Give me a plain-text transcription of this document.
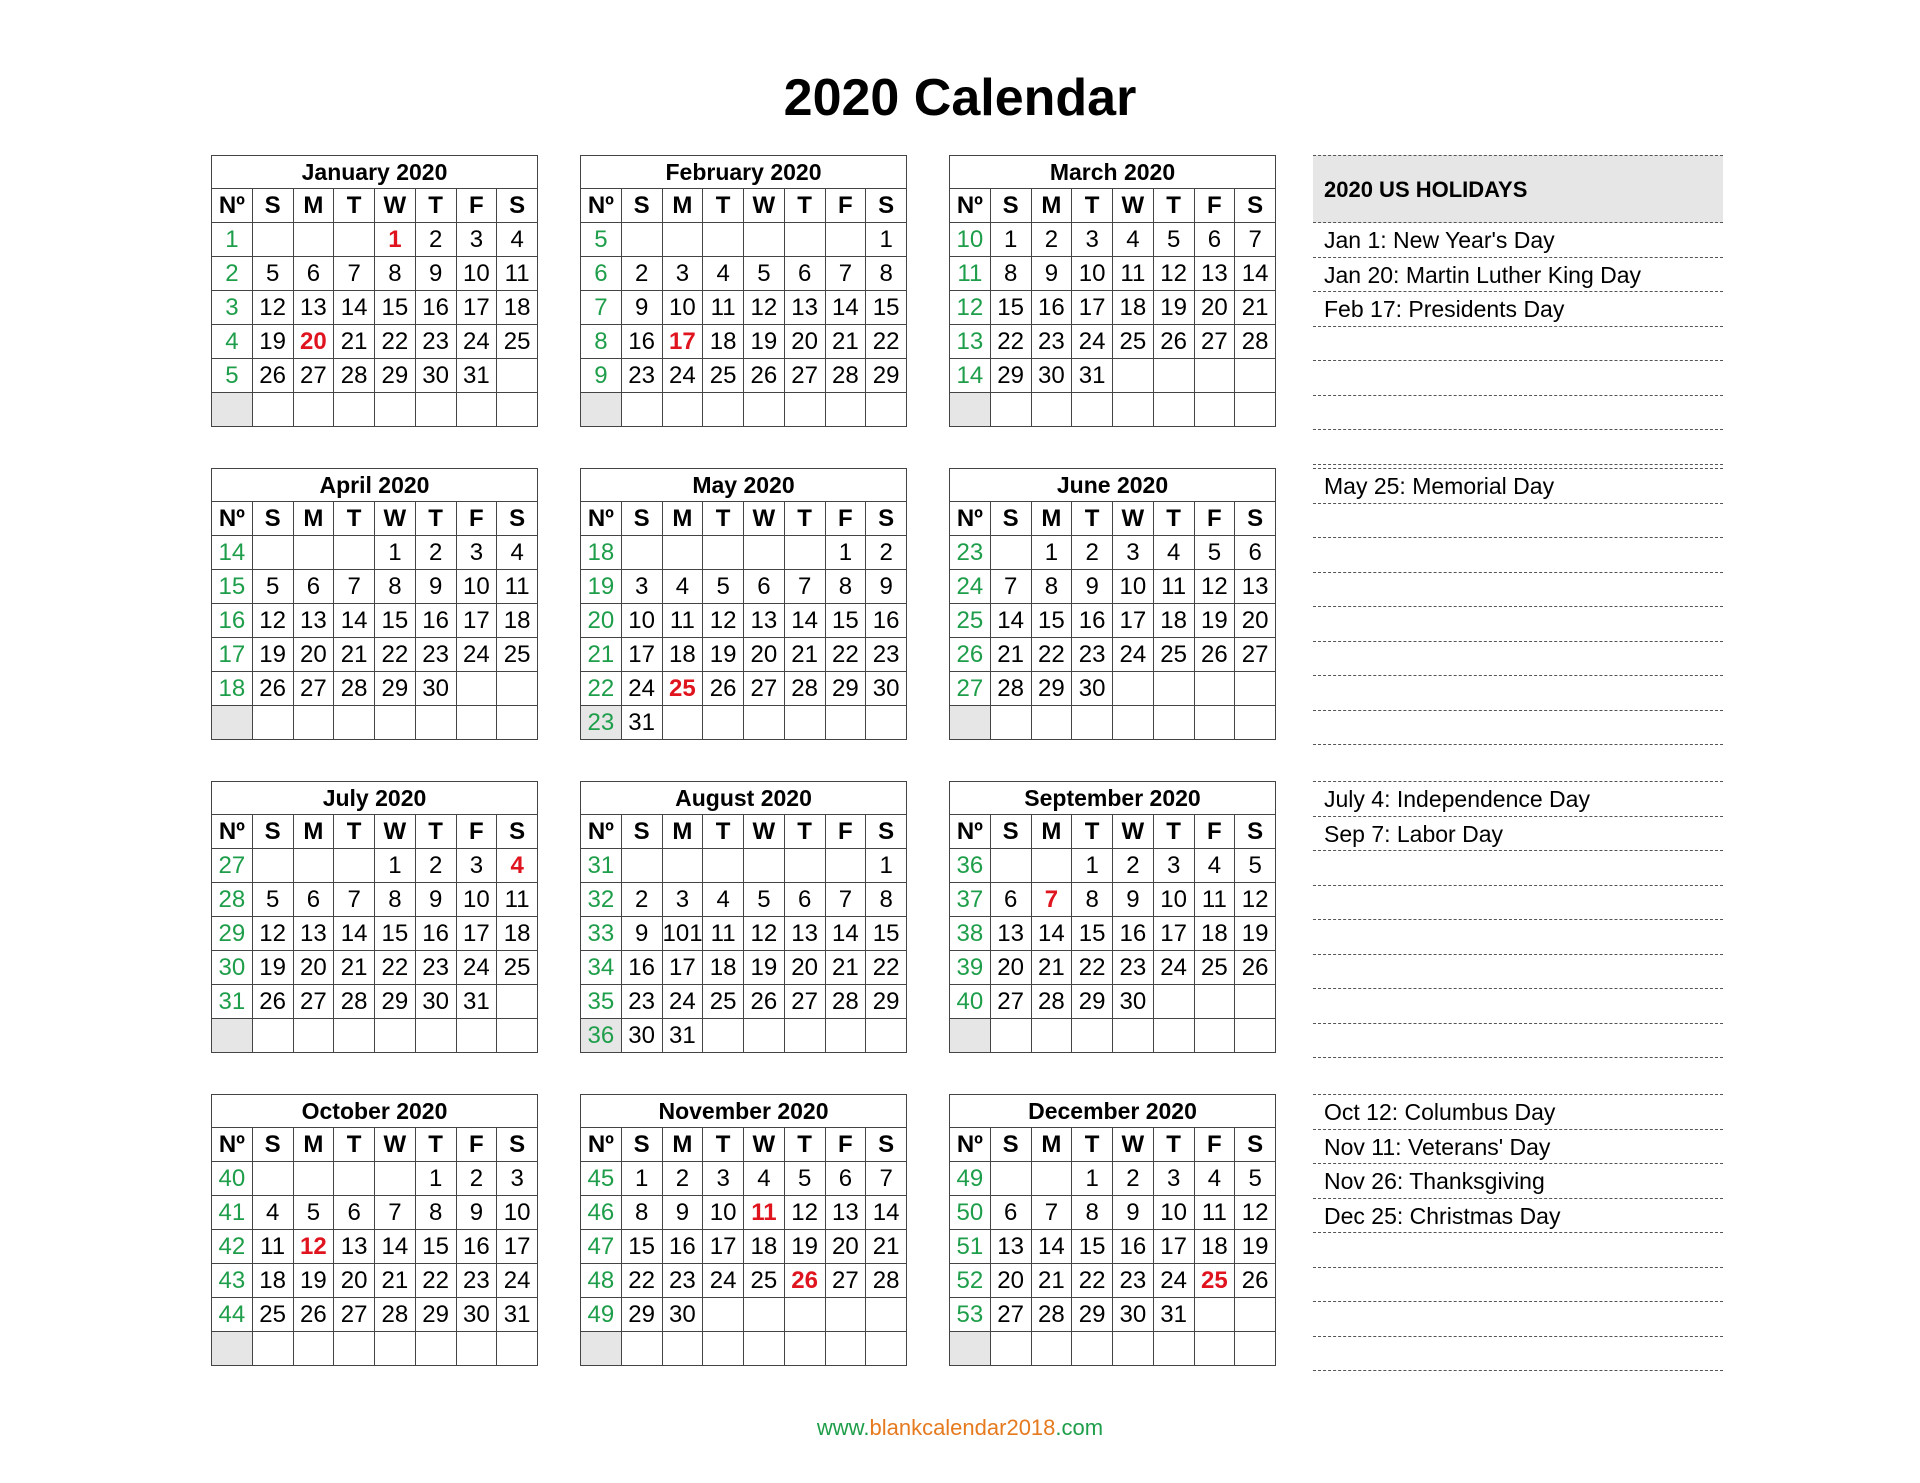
2020 Calendar
January 2020							
Nº	S	M	T	W	T	F	S
1				1	2	3	4
2	5	6	7	8	9	10	11
3	12	13	14	15	16	17	18
4	19	20	21	22	23	24	25
5	26	27	28	29	30	31	

February 2020							
Nº	S	M	T	W	T	F	S
5							1
6	2	3	4	5	6	7	8
7	9	10	11	12	13	14	15
8	16	17	18	19	20	21	22
9	23	24	25	26	27	28	29

March 2020							
Nº	S	M	T	W	T	F	S
10	1	2	3	4	5	6	7
11	8	9	10	11	12	13	14
12	15	16	17	18	19	20	21
13	22	23	24	25	26	27	28
14	29	30	31				

April 2020							
Nº	S	M	T	W	T	F	S
14				1	2	3	4
15	5	6	7	8	9	10	11
16	12	13	14	15	16	17	18
17	19	20	21	22	23	24	25
18	26	27	28	29	30		

May 2020							
Nº	S	M	T	W	T	F	S
18						1	2
19	3	4	5	6	7	8	9
20	10	11	12	13	14	15	16
21	17	18	19	20	21	22	23
22	24	25	26	27	28	29	30
23	31						
June 2020							
Nº	S	M	T	W	T	F	S
23		1	2	3	4	5	6
24	7	8	9	10	11	12	13
25	14	15	16	17	18	19	20
26	21	22	23	24	25	26	27
27	28	29	30				

July 2020							
Nº	S	M	T	W	T	F	S
27				1	2	3	4
28	5	6	7	8	9	10	11
29	12	13	14	15	16	17	18
30	19	20	21	22	23	24	25
31	26	27	28	29	30	31	

August 2020							
Nº	S	M	T	W	T	F	S
31							1
32	2	3	4	5	6	7	8
33	9	101	11	12	13	14	15
34	16	17	18	19	20	21	22
35	23	24	25	26	27	28	29
36	30	31					
September 2020							
Nº	S	M	T	W	T	F	S
36			1	2	3	4	5
37	6	7	8	9	10	11	12
38	13	14	15	16	17	18	19
39	20	21	22	23	24	25	26
40	27	28	29	30			

October 2020							
Nº	S	M	T	W	T	F	S
40					1	2	3
41	4	5	6	7	8	9	10
42	11	12	13	14	15	16	17
43	18	19	20	21	22	23	24
44	25	26	27	28	29	30	31

November 2020							
Nº	S	M	T	W	T	F	S
45	1	2	3	4	5	6	7
46	8	9	10	11	12	13	14
47	15	16	17	18	19	20	21
48	22	23	24	25	26	27	28
49	29	30					

December 2020							
Nº	S	M	T	W	T	F	S
49			1	2	3	4	5
50	6	7	8	9	10	11	12
51	13	14	15	16	17	18	19
52	20	21	22	23	24	25	26
53	27	28	29	30	31		

2020 US HOLIDAYS
Jan 1: New Year's Day
Jan 20: Martin Luther King Day
Feb 17: Presidents Day
May 25: Memorial Day
July 4: Independence Day
Sep 7: Labor Day
Oct 12: Columbus Day
Nov 11: Veterans' Day
Nov 26: Thanksgiving
Dec 25: Christmas Day
www.blankcalendar2018.com
